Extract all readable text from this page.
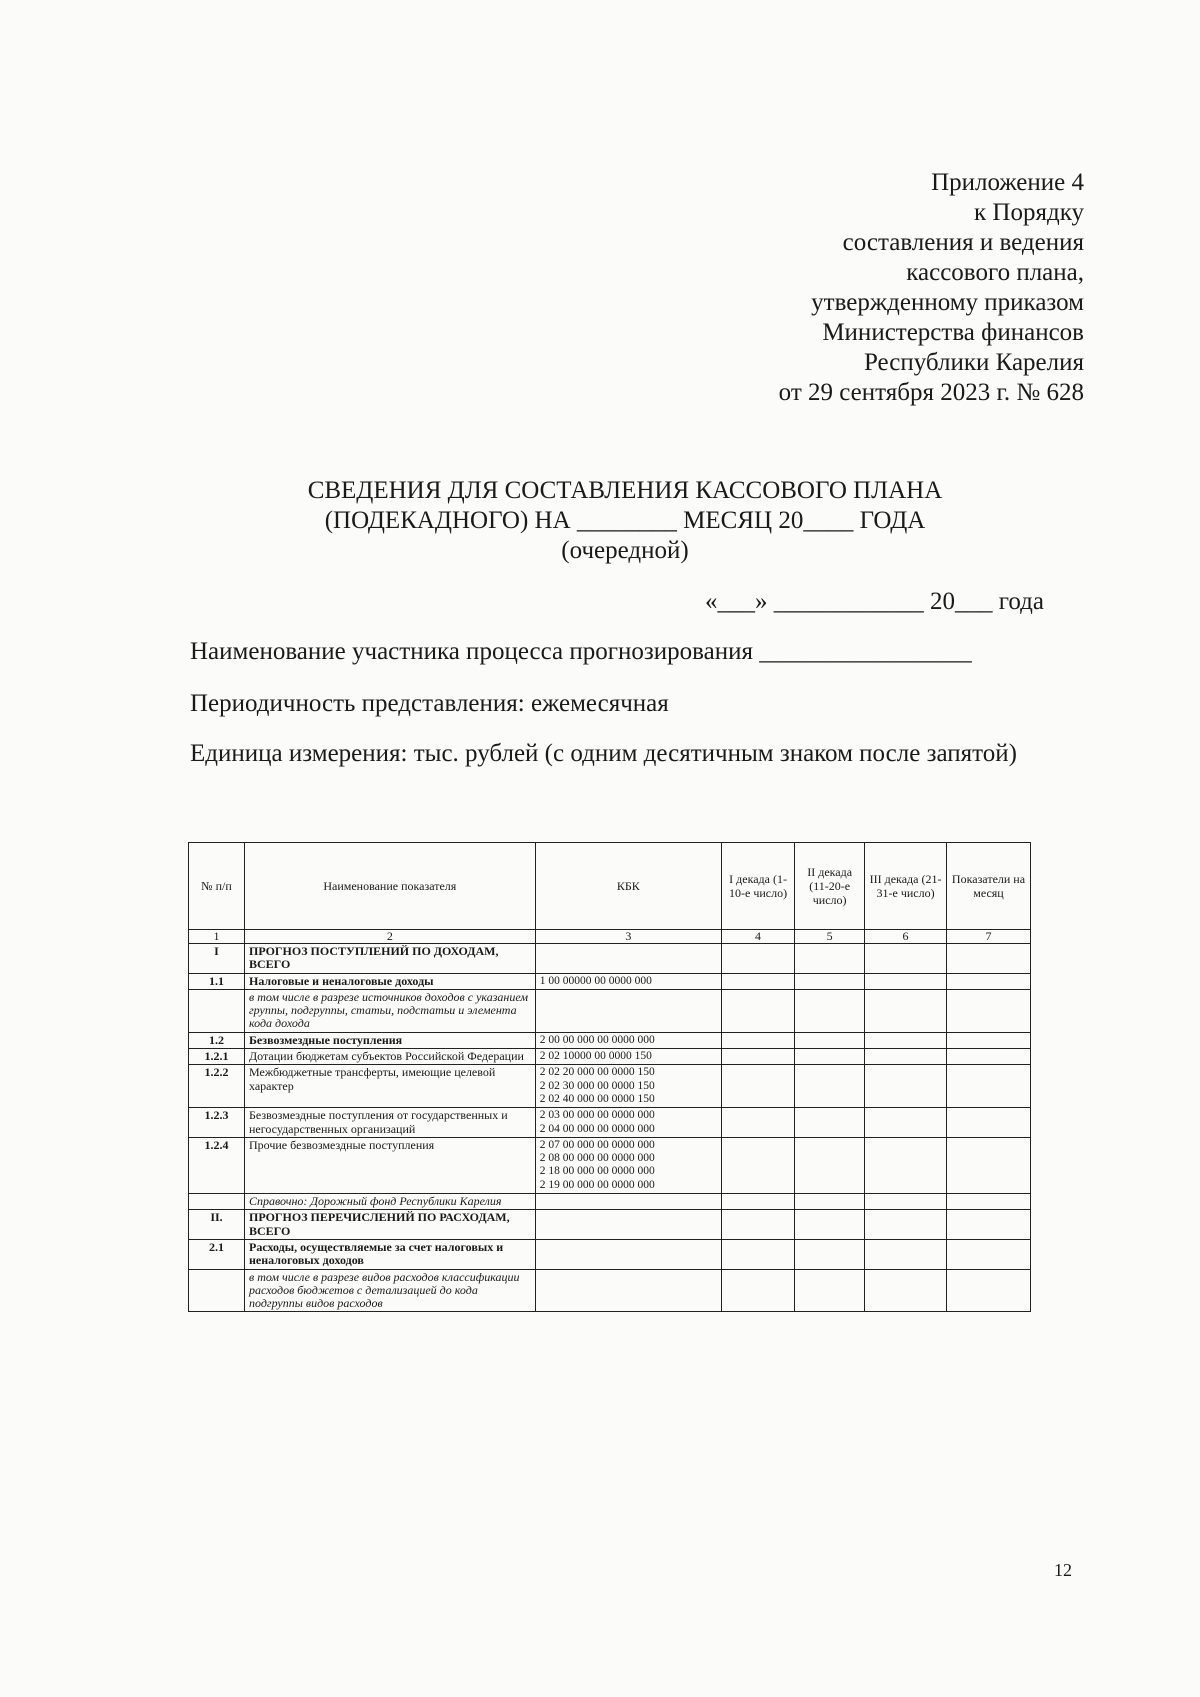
Приложение 4
к Порядку
составления и ведения
кассового плана,
утвержденному приказом
Министерства финансов
Республики Карелия
от 29 сентября 2023 г. № 628
СВЕДЕНИЯ ДЛЯ СОСТАВЛЕНИЯ КАССОВОГО ПЛАНА
(ПОДЕКАДНОГО) НА ________ МЕСЯЦ 20____ ГОДА
(очередной)
«___» ____________ 20___ года
Наименование участника процесса прогнозирования _________________
Периодичность представления: ежемесячная
Единица измерения: тыс. рублей (с одним десятичным знаком после запятой)
№ п/п	Наименование показателя	КБК	I декада (1-10-е число)	II декада (11-20-е число)	III декада (21-31-е число)	Показатели на месяц
1	2	3	4	5	6	7
I	ПРОГНОЗ ПОСТУПЛЕНИЙ ПО ДОХОДАМ, ВСЕГО					
1.1	Налоговые и неналоговые доходы	1 00 00000 00 0000 000				

	в том числе в разрезе источников доходов с указанием группы, подгруппы, статьи, подстатьи и элемента кода дохода					
1.2	Безвозмездные поступления	2 00 00 000 00 0000 000				

1.2.1	Дотации бюджетам субъектов Российской Федерации	2 02 10000 00 0000 150				

1.2.2	Межбюджетные трансферты, имеющие целевой характер	2 02 20 000 00 0000 150
2 02 30 000 00 0000 150
2 02 40 000 00 0000 150				

1.2.3	Безвозмездные поступления от государственных и негосударственных организаций	2 03 00 000 00 0000 000
2 04 00 000 00 0000 000				

1.2.4	Прочие безвозмездные поступления	2 07 00 000 00 0000 000
2 08 00 000 00 0000 000
2 18 00 000 00 0000 000
2 19 00 000 00 0000 000				

	Справочно: Дорожный фонд Республики Карелия					
II.	ПРОГНОЗ ПЕРЕЧИСЛЕНИЙ ПО РАСХОДАМ, ВСЕГО					
2.1	Расходы, осуществляемые за счет налоговых и неналоговых доходов					
	в том числе в разрезе видов расходов классификации расходов бюджетов с детализацией до кода подгруппы видов расходов					
12
